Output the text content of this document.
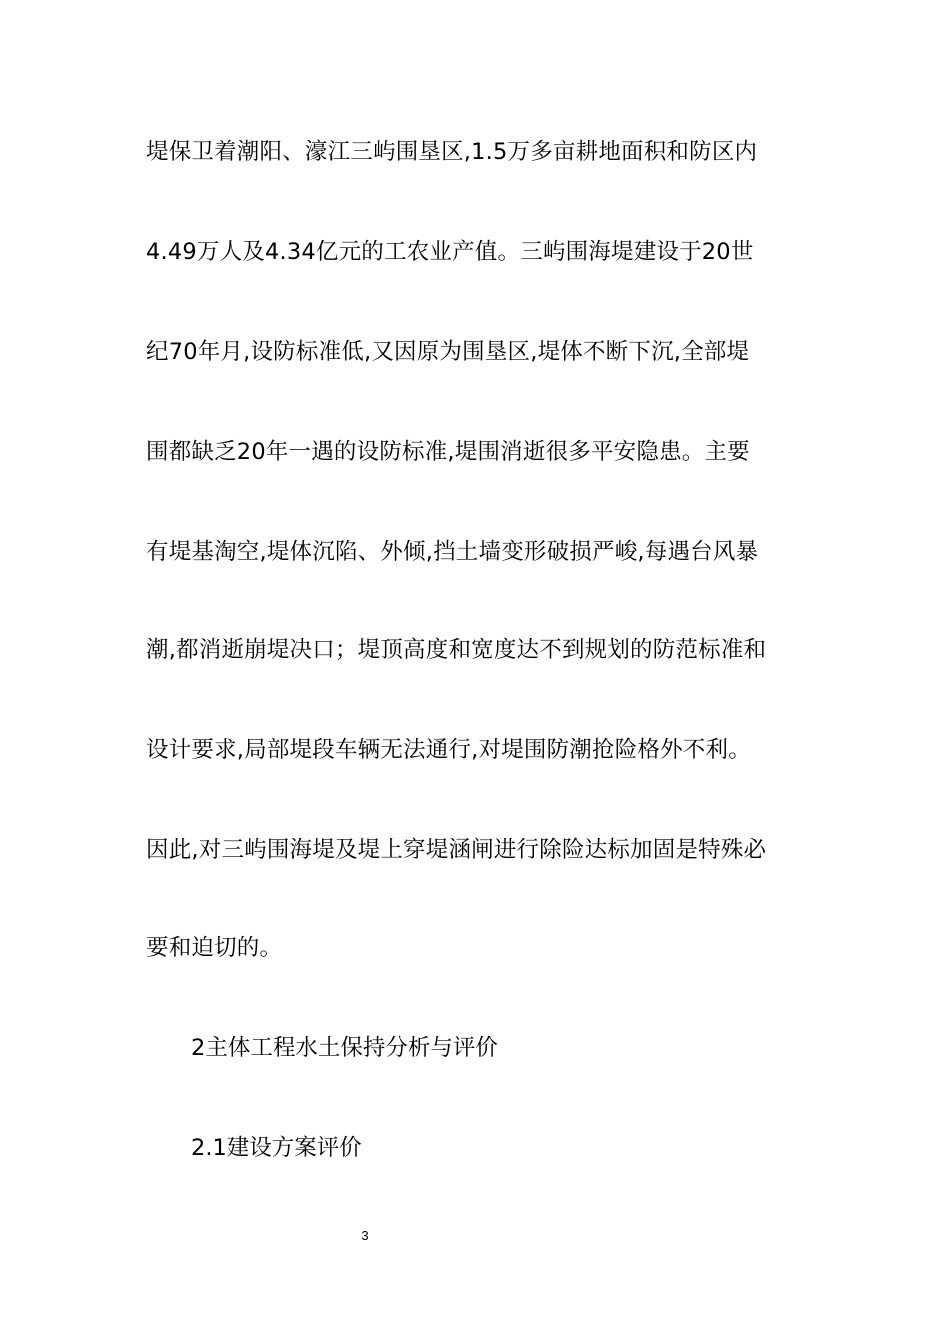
堤保卫着潮阳、濠江三屿围垦区,1.5万多亩耕地面积和防区内
4.49万人及4.34亿元的工农业产值。三屿围海堤建设于20世
纪70年月,设防标准低,又因原为围垦区,堤体不断下沉,全部堤
围都缺乏20年一遇的设防标准,堤围消逝很多平安隐患。主要
有堤基淘空,堤体沉陷、外倾,挡土墙变形破损严峻,每遇台风暴
潮,都消逝崩堤决口；堤顶高度和宽度达不到规划的防范标准和
设计要求,局部堤段车辆无法通行,对堤围防潮抢险格外不利。
因此,对三屿围海堤及堤上穿堤涵闸进行除险达标加固是特殊必
要和迫切的。
2主体工程水土保持分析与评价
2.1建设方案评价
3
